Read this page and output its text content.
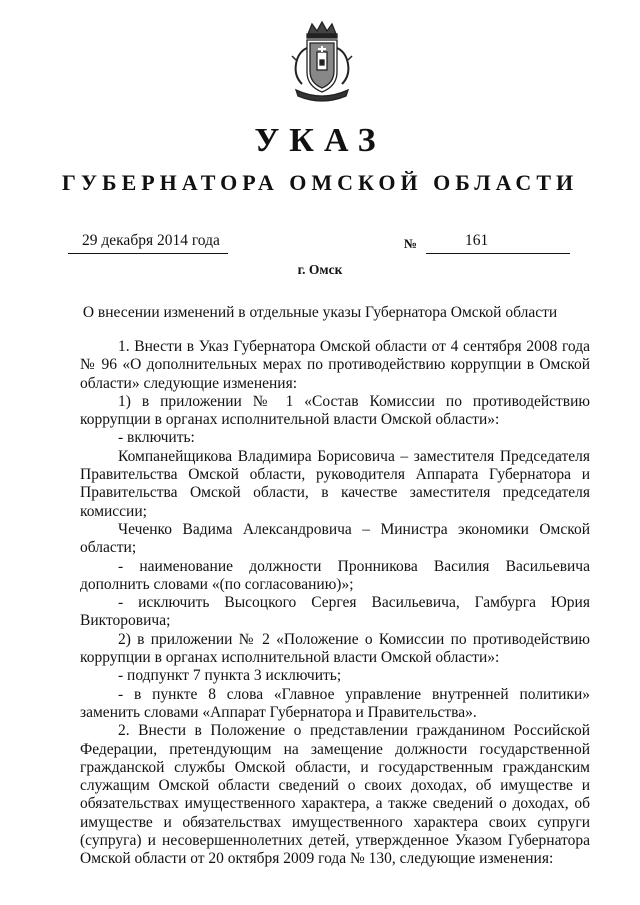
УКАЗ
ГУБЕРНАТОРА ОМСКОЙ ОБЛАСТИ
29 декабря 2014 года	№	161
г. Омск
О внесении изменений в отдельные указы Губернатора Омской области

1. Внести в Указ Губернатора Омской области от 4 сентября 2008 года № 96 «О дополнительных мерах по противодействию коррупции в Омской области» следующие изменения:

1) в приложении № 1 «Состав Комиссии по противодействию коррупции в органах исполнительной власти Омской области»:

- включить:

Компанейщикова Владимира Борисовича – заместителя Председателя Правительства Омской области, руководителя Аппарата Губернатора и Правительства Омской области, в качестве заместителя председателя комиссии;

Чеченко Вадима Александровича – Министра экономики Омской области;

- наименование должности Пронникова Василия Васильевича дополнить словами «(по согласованию)»;

- исключить Высоцкого Сергея Васильевича, Гамбурга Юрия Викторовича;

2) в приложении № 2 «Положение о Комиссии по противодействию коррупции в органах исполнительной власти Омской области»:

- подпункт 7 пункта 3 исключить;

- в пункте 8 слова «Главное управление внутренней политики» заменить словами «Аппарат Губернатора и Правительства».

2. Внести в Положение о представлении гражданином Российской Федерации, претендующим на замещение должности государственной гражданской службы Омской области, и государственным гражданским служащим Омской области сведений о своих доходах, об имуществе и обязательствах имущественного характера, а также сведений о доходах, об имуществе и обязательствах имущественного характера своих супруги (супруга) и несовершеннолетних детей, утвержденное Указом Губернатора Омской области от 20 октября 2009 года № 130, следующие изменения:
